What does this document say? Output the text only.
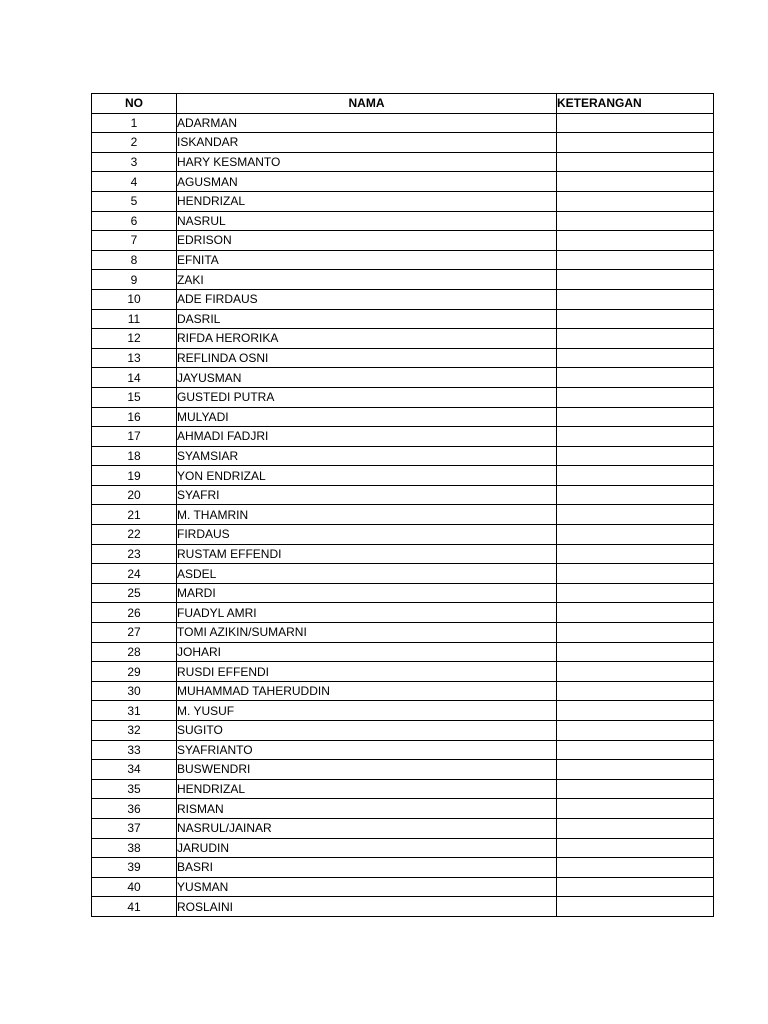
NO	NAMA	KETERANGAN
1	ADARMAN	
2	ISKANDAR	
3	HARY KESMANTO	
4	AGUSMAN	
5	HENDRIZAL	
6	NASRUL	
7	EDRISON	
8	EFNITA	
9	ZAKI	
10	ADE FIRDAUS	
11	DASRIL	
12	RIFDA HERORIKA	
13	REFLINDA OSNI	
14	JAYUSMAN	
15	GUSTEDI PUTRA	
16	MULYADI	
17	AHMADI FADJRI	
18	SYAMSIAR	
19	YON ENDRIZAL	
20	SYAFRI	
21	M. THAMRIN	
22	FIRDAUS	
23	RUSTAM EFFENDI	
24	ASDEL	
25	MARDI	
26	FUADYL AMRI	
27	TOMI AZIKIN/SUMARNI	
28	JOHARI	
29	RUSDI EFFENDI	
30	MUHAMMAD TAHERUDDIN	
31	M. YUSUF	
32	SUGITO	
33	SYAFRIANTO	
34	BUSWENDRI	
35	HENDRIZAL	
36	RISMAN	
37	NASRUL/JAINAR	
38	JARUDIN	
39	BASRI	
40	YUSMAN	
41	ROSLAINI	
